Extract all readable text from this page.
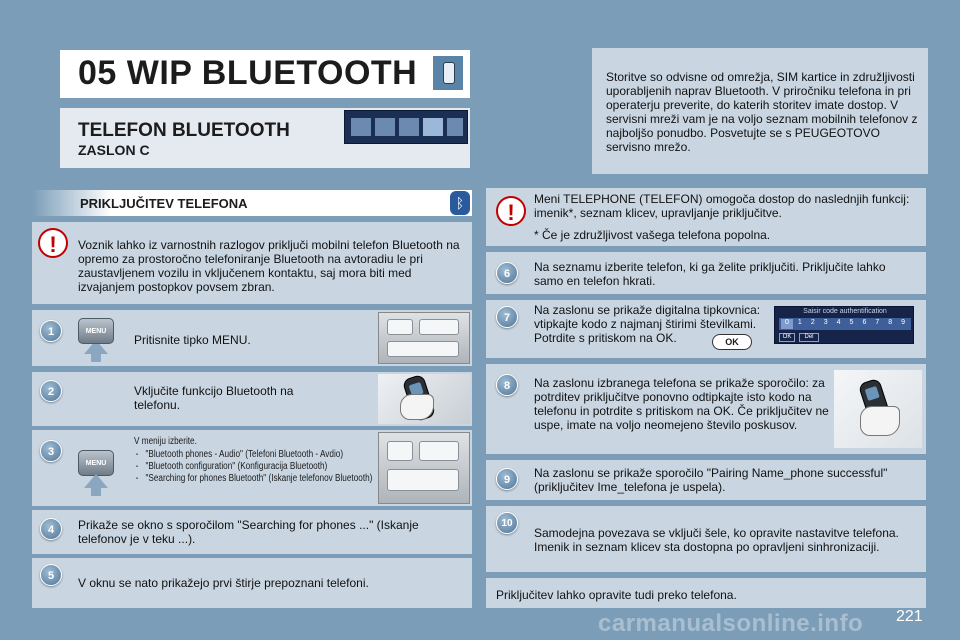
05 WIP BLUETOOTH
TELEFON BLUETOOTH
ZASLON C
Storitve so odvisne od omrežja, SIM kartice in združljivosti uporabljenih naprav Bluetooth. V priročniku telefona in pri operaterju preverite, do katerih storitev imate dostop. V servisni mreži vam je na voljo seznam mobilnih telefonov z najboljšo ponudbo. Posvetujte se s PEUGEOTOVO servisno mrežo.
PRIKLJUČITEV TELEFONA	ᛒ
!	Voznik lahko iz varnostnih razlogov priključi mobilni telefon Bluetooth na opremo za prostoročno telefoniranje Bluetooth na avtoradiu le pri zaustavljenem vozilu in vključenem kontaktu, saj mora biti med izvajanjem postopkov povsem zbran.
1	MENU
Pritisnite tipko MENU.
2	Vključite funkcijo Bluetooth na telefonu.
3
MENU
V meniju izberite.
- "Bluetooth phones - Audio" (Telefoni Bluetooth - Avdio)
- "Bluetooth configuration" (Konfiguracija Bluetooth)
- "Searching for phones Bluetooth" (Iskanje telefonov Bluetooth)
4	Prikaže se okno s sporočilom "Searching for phones ..." (Iskanje telefonov je v teku ...).
5	V oknu se nato prikažejo prvi štirje prepoznani telefoni.
!
Meni TELEPHONE (TELEFON) omogoča dostop do naslednjih funkcij: imenik*, seznam klicev, upravljanje priključitve.
* Če je združljivost vašega telefona popolna.
6	Na seznamu izberite telefon, ki ga želite priključiti. Priključite lahko samo en telefon hkrati.
7
Na zaslonu se prikaže digitalna tipkovnica: vtipkajte kodo z najmanj štirimi številkami. Potrdite s pritiskom na OK.	OK
Saisir code authentification
0	1	2	3	4	5	6	7	8	9
OK	Del
8	Na zaslonu izbranega telefona se prikaže sporočilo: za potrditev priključitve ponovno odtipkajte isto kodo na telefonu in potrdite s pritiskom na OK. Če priključitev ne uspe, imate na voljo neomejeno število poskusov.
9	Na zaslonu se prikaže sporočilo "Pairing Name_phone successful" (priključitev Ime_telefona je uspela).
10
Samodejna povezava se vključi šele, ko opravite nastavitve telefona. Imenik in seznam klicev sta dostopna po opravljeni sinhronizaciji.
Priključitev lahko opravite tudi preko telefona.
221
carmanualsonline.info
